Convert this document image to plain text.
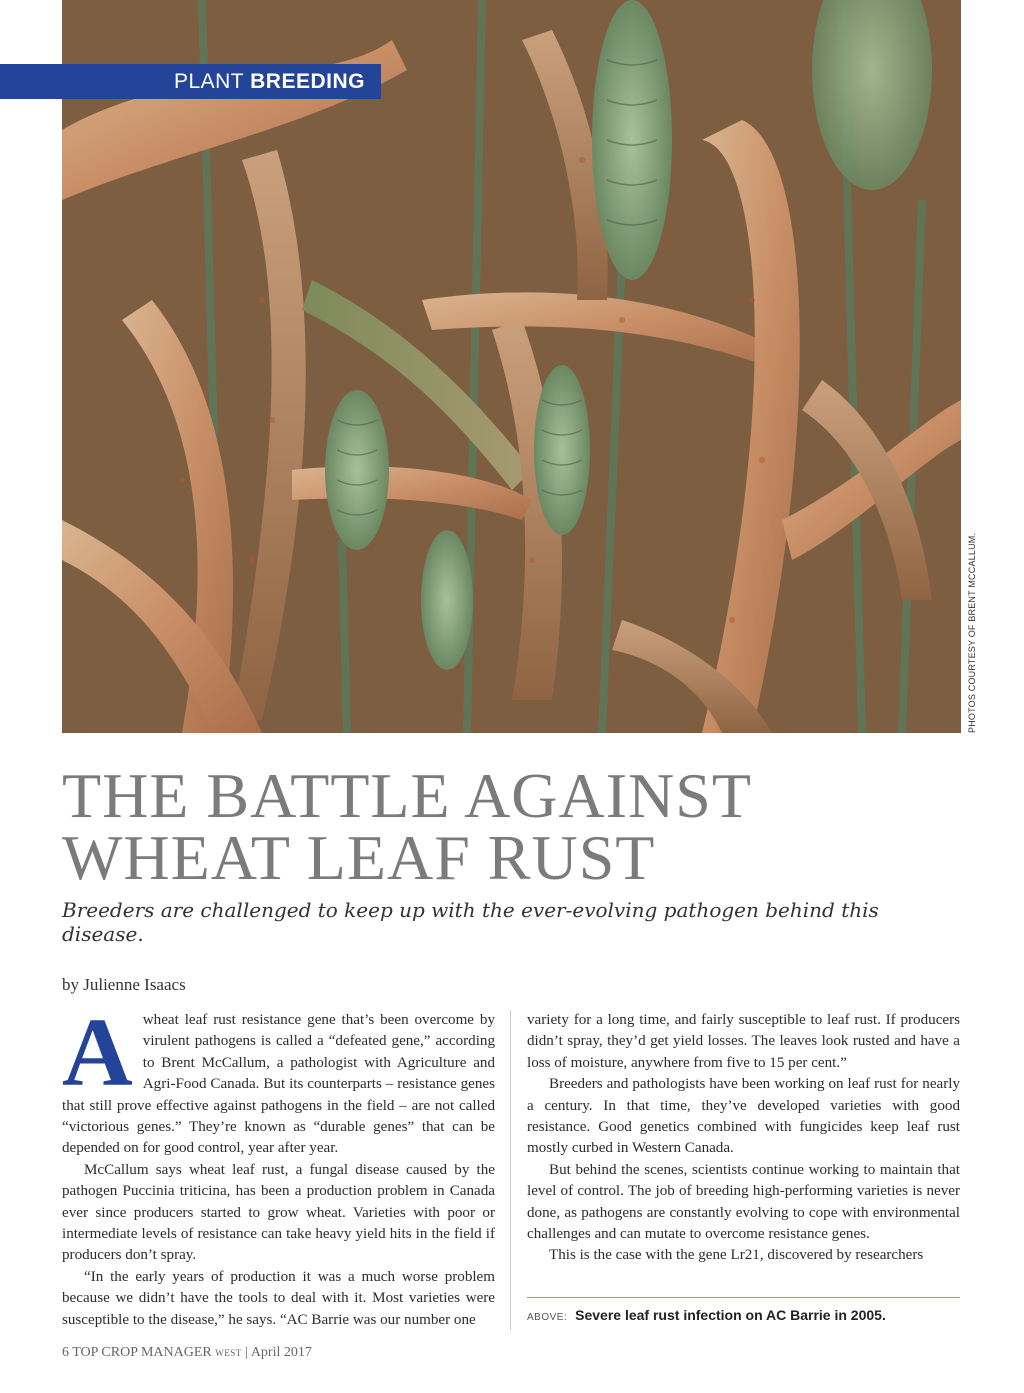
PLANT BREEDING
PHOTOS COURTESY OF BRENT MCCALLUM.
THE BATTLE AGAINST
WHEAT LEAF RUST

Breeders are challenged to keep up with the ever-evolving pathogen behind this disease.

by Julienne Isaacs
A wheat leaf rust resistance gene that’s been overcome by virulent pathogens is called a “defeated gene,” according to Brent McCallum, a pathologist with Agriculture and Agri-Food Canada. But its counterparts – resistance genes that still prove effective against pathogens in the field – are not called “victorious genes.” They’re known as “durable genes” that can be depended on for good control, year after year.

McCallum says wheat leaf rust, a fungal disease caused by the pathogen Puccinia triticina, has been a production problem in Canada ever since producers started to grow wheat. Varieties with poor or intermediate levels of resistance can take heavy yield hits in the field if producers don’t spray.

“In the early years of production it was a much worse problem because we didn’t have the tools to deal with it. Most varieties were susceptible to the disease,” he says. “AC Barrie was our number one

variety for a long time, and fairly susceptible to leaf rust. If producers didn’t spray, they’d get yield losses. The leaves look rusted and have a loss of moisture, anywhere from five to 15 per cent.”

Breeders and pathologists have been working on leaf rust for nearly a century. In that time, they’ve developed varieties with good resistance. Good genetics combined with fungicides keep leaf rust mostly curbed in Western Canada.

But behind the scenes, scientists continue working to maintain that level of control. The job of breeding high-performing varieties is never done, as pathogens are constantly evolving to cope with environmental challenges and can mutate to overcome resistance genes.

This is the case with the gene Lr21, discovered by researchers

ABOVE: Severe leaf rust infection on AC Barrie in 2005.
6 TOP CROP MANAGER WEST | April 2017
